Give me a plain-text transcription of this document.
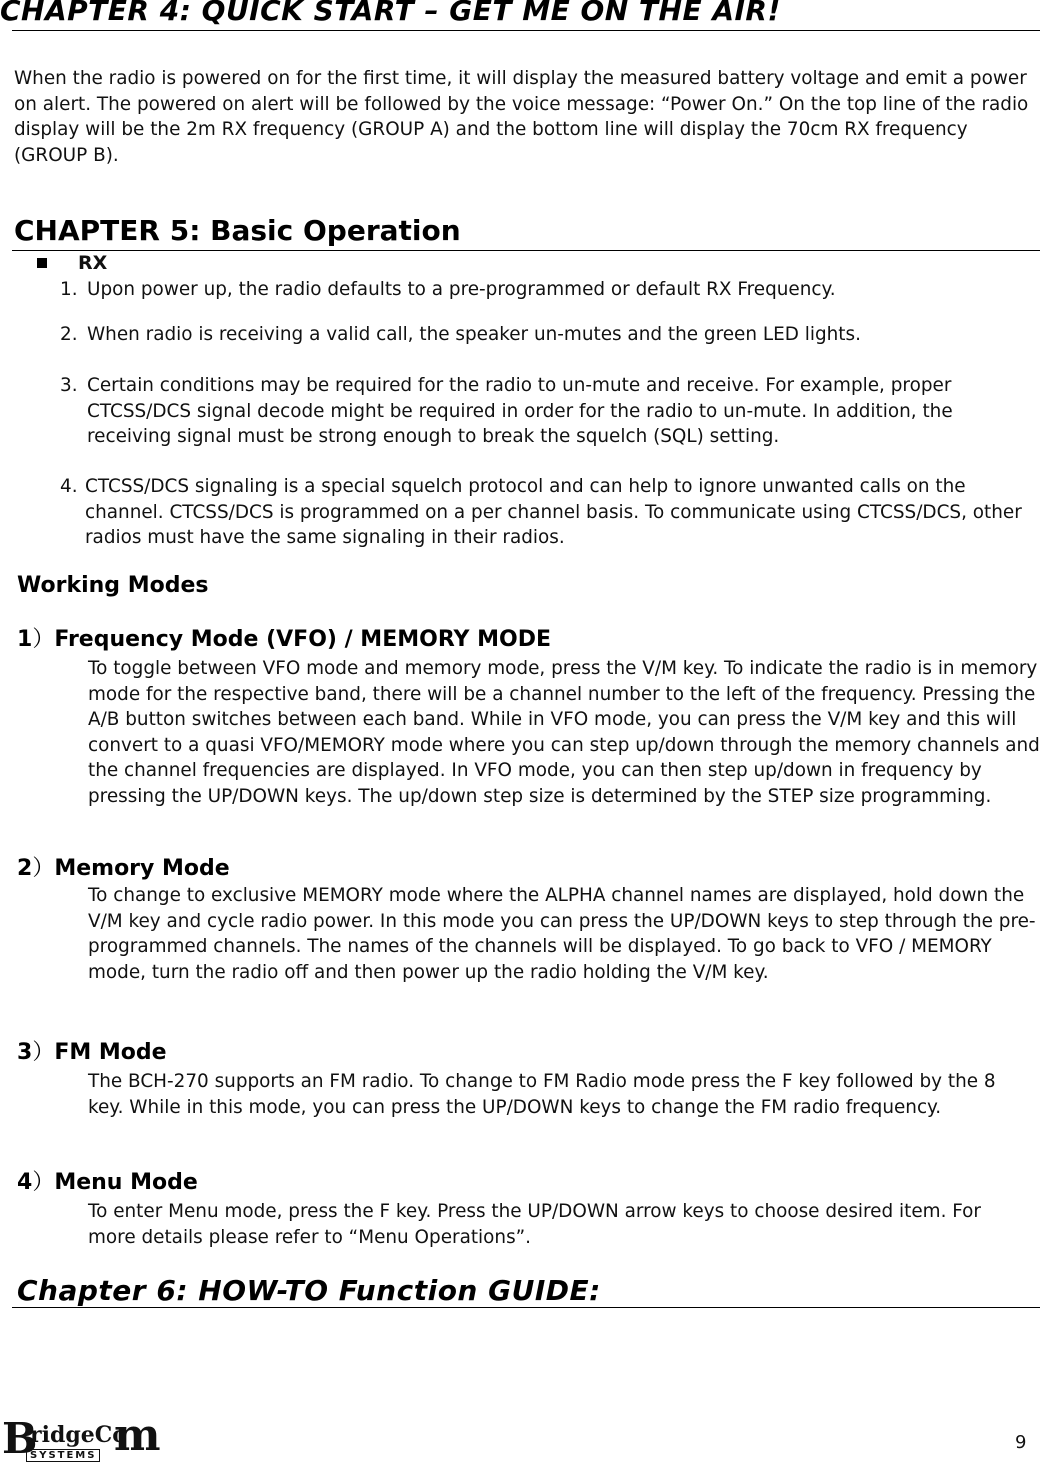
CHAPTER 4: QUICK START – GET ME ON THE AIR!

When the radio is powered on for the first time, it will display the measured battery voltage and emit a power on alert. The powered on alert will be followed by the voice message: “Power On.” On the top line of the radio display will be the 2m RX frequency (GROUP A) and the bottom line will display the 70cm RX frequency (GROUP B).

CHAPTER 5: Basic Operation
RX
1. Upon power up, the radio defaults to a pre-programmed or default RX Frequency.

2. When radio is receiving a valid call, the speaker un-mutes and the green LED lights.

3. Certain conditions may be required for the radio to un-mute and receive. For example, proper CTCSS/DCS signal decode might be required in order for the radio to un-mute. In addition, the receiving signal must be strong enough to break the squelch (SQL) setting.

4. CTCSS/DCS signaling is a special squelch protocol and can help to ignore unwanted calls on the channel. CTCSS/DCS is programmed on a per channel basis. To communicate using CTCSS/DCS, other radios must have the same signaling in their radios.

Working Modes
1）Frequency Mode (VFO) / MEMORY MODE

To toggle between VFO mode and memory mode, press the V/M key. To indicate the radio is in memory mode for the respective band, there will be a channel number to the left of the frequency. Pressing the A/B button switches between each band. While in VFO mode, you can press the V/M key and this will convert to a quasi VFO/MEMORY mode where you can step up/down through the memory channels and the channel frequencies are displayed. In VFO mode, you can then step up/down in frequency by pressing the UP/DOWN keys. The up/down step size is determined by the STEP size programming.

2）Memory Mode

To change to exclusive MEMORY mode where the ALPHA channel names are displayed, hold down the V/M key and cycle radio power. In this mode you can press the UP/DOWN keys to step through the pre-programmed channels. The names of the channels will be displayed. To go back to VFO / MEMORY mode, turn the radio off and then power up the radio holding the V/M key.

3）FM Mode

The BCH-270 supports an FM radio. To change to FM Radio mode press the F key followed by the 8 key. While in this mode, you can press the UP/DOWN keys to change the FM radio frequency.

4）Menu Mode

To enter Menu mode, press the F key. Press the UP/DOWN arrow keys to choose desired item. For more details please refer to “Menu Operations”.

Chapter 6: HOW-TO Function GUIDE:
B
ridgeCo
m
SYSTEMS
9
